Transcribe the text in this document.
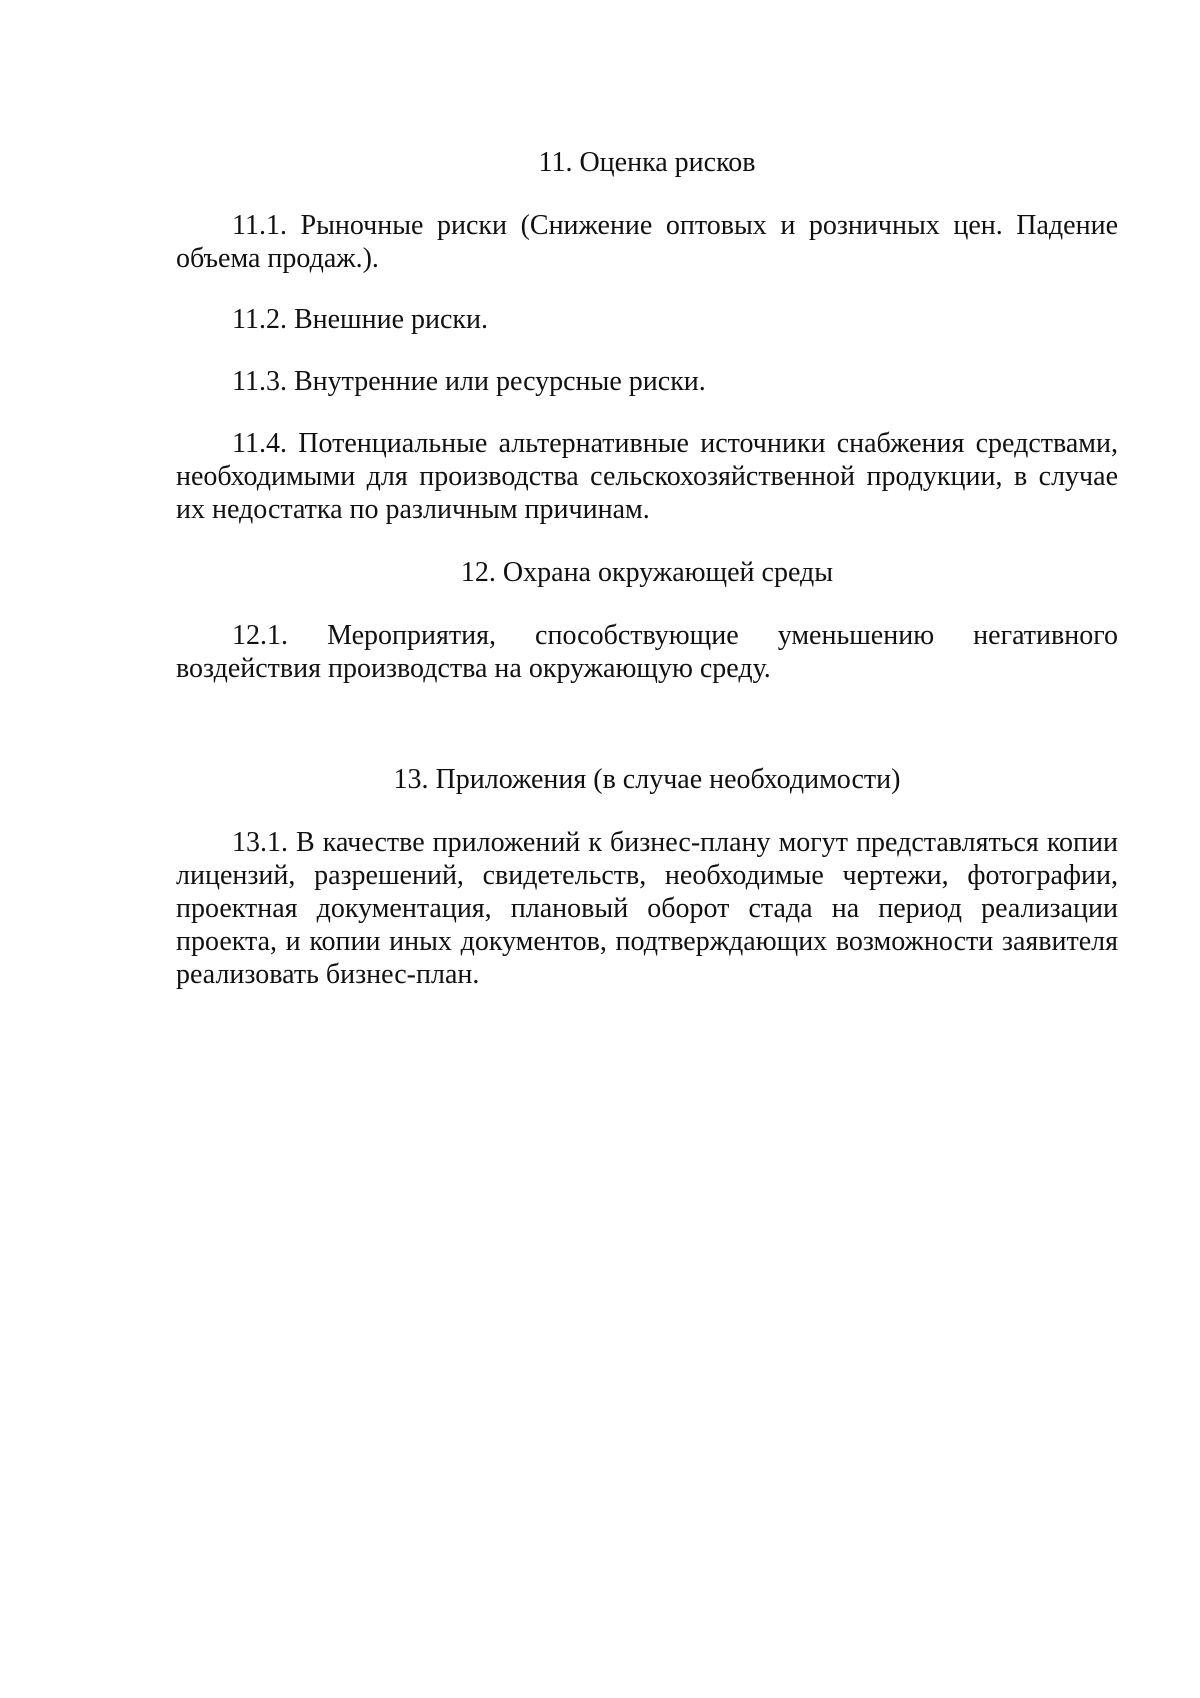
11. Оценка рисков

11.1. Рыночные риски (Снижение оптовых и розничных цен. Падение объема продаж.).

11.2. Внешние риски.

11.3. Внутренние или ресурсные риски.

11.4. Потенциальные альтернативные источники снабжения средствами, необходимыми для производства сельскохозяйственной продукции, в случае их недостатка по различным причинам.

12. Охрана окружающей среды

12.1. Мероприятия, способствующие уменьшению негативного воздействия производства на окружающую среду.

13. Приложения (в случае необходимости)

13.1. В качестве приложений к бизнес-плану могут представляться копии лицензий, разрешений, свидетельств, необходимые чертежи, фотографии, проектная документация, плановый оборот стада на период реализации проекта, и копии иных документов, подтверждающих возможности заявителя реализовать бизнес-план.
